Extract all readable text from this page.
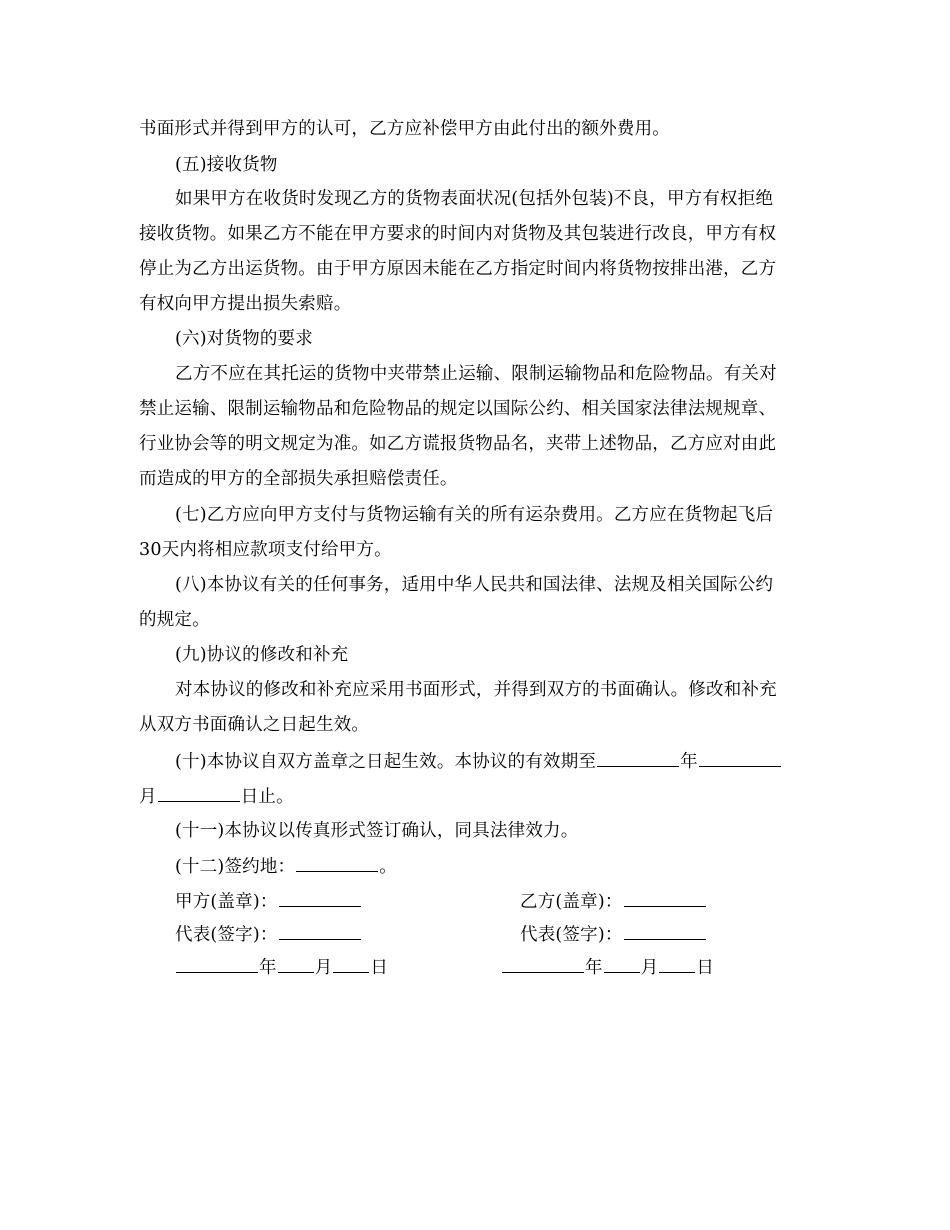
书面形式并得到甲方的认可，乙方应补偿甲方由此付出的额外费用。
(五)接收货物
如果甲方在收货时发现乙方的货物表面状况(包括外包装)不良，甲方有权拒绝
接收货物。如果乙方不能在甲方要求的时间内对货物及其包装进行改良，甲方有权
停止为乙方出运货物。由于甲方原因未能在乙方指定时间内将货物按排出港，乙方
有权向甲方提出损失索赔。
(六)对货物的要求
乙方不应在其托运的货物中夹带禁止运输、限制运输物品和危险物品。有关对
禁止运输、限制运输物品和危险物品的规定以国际公约、相关国家法律法规规章、
行业协会等的明文规定为准。如乙方谎报货物品名，夹带上述物品，乙方应对由此
而造成的甲方的全部损失承担赔偿责任。
(七)乙方应向甲方支付与货物运输有关的所有运杂费用。乙方应在货物起飞后
30天内将相应款项支付给甲方。
(八)本协议有关的任何事务，适用中华人民共和国法律、法规及相关国际公约
的规定。
(九)协议的修改和补充
对本协议的修改和补充应采用书面形式，并得到双方的书面确认。修改和补充
从双方书面确认之日起生效。
(十)本协议自双方盖章之日起生效。本协议的有效期至	年
月	日止。
(十一)本协议以传真形式签订确认，同具法律效力。
(十二)签约地：	。
甲方(盖章)：	乙方(盖章)：
代表(签字)：	代表(签字)：
年 月 日	年 月 日
